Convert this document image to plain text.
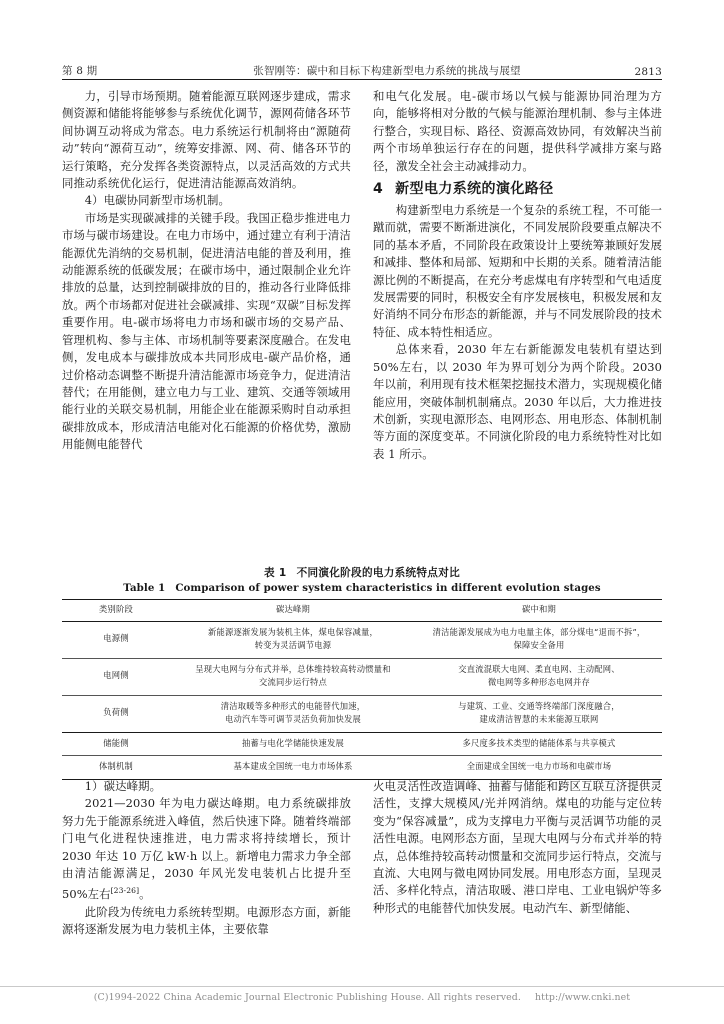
第 8 期	张智刚等：碳中和目标下构建新型电力系统的挑战与展望	2813

力，引导市场预期。随着能源互联网逐步建成，需求侧资源和储能将能够参与系统优化调节，源网荷储各环节间协调互动将成为常态。电力系统运行机制将由“源随荷动”转向“源荷互动”，统筹安排源、网、荷、储各环节的运行策略，充分发挥各类资源特点，以灵活高效的方式共同推动系统优化运行，促进清洁能源高效消纳。

4）电碳协同新型市场机制。

市场是实现碳减排的关键手段。我国正稳步推进电力市场与碳市场建设。在电力市场中，通过建立有利于清洁能源优先消纳的交易机制，促进清洁电能的普及利用，推动能源系统的低碳发展；在碳市场中，通过限制企业允许排放的总量，达到控制碳排放的目的，推动各行业降低排放。两个市场都对促进社会碳减排、实现“双碳”目标发挥重要作用。电-碳市场将电力市场和碳市场的交易产品、管理机构、参与主体、市场机制等要素深度融合。在发电侧，发电成本与碳排放成本共同形成电-碳产品价格，通过价格动态调整不断提升清洁能源市场竞争力，促进清洁替代；在用能侧，建立电力与工业、建筑、交通等领域用能行业的关联交易机制，用能企业在能源采购时自动承担碳排放成本，形成清洁电能对化石能源的价格优势，激励用能侧电能替代

和电气化发展。电-碳市场以气候与能源协同治理为方向，能够将相对分散的气候与能源治理机制、参与主体进行整合，实现目标、路径、资源高效协同，有效解决当前两个市场单独运行存在的问题，提供科学减排方案与路径，激发全社会主动减排动力。

4 新型电力系统的演化路径

构建新型电力系统是一个复杂的系统工程，不可能一蹴而就，需要不断渐进演化，不同发展阶段要重点解决不同的基本矛盾，不同阶段在政策设计上要统筹兼顾好发展和减排、整体和局部、短期和中长期的关系。随着清洁能源比例的不断提高，在充分考虑煤电有序转型和气电适度发展需要的同时，积极安全有序发展核电，积极发展和友好消纳不同分布形态的新能源，并与不同发展阶段的技术特征、成本特性相适应。

总体来看，2030 年左右新能源发电装机有望达到 50%左右，以 2030 年为界可划分为两个阶段。2030 年以前，利用现有技术框架挖掘技术潜力，实现规模化储能应用，突破体制机制痛点。2030 年以后，大力推进技术创新，实现电源形态、电网形态、用电形态、体制机制等方面的深度变革。不同演化阶段的电力系统特性对比如表 1 所示。

表 1 不同演化阶段的电力系统特点对比
Table 1 Comparison of power system characteristics in different evolution stages
类别阶段	碳达峰期	碳中和期
电源侧	新能源逐渐发展为装机主体，煤电保容减量，
转变为灵活调节电源	清洁能源发展成为电力电量主体，部分煤电“退而不拆”，
保障安全备用

电网侧	呈现大电网与分布式并举，总体维持较高转动惯量和
交流同步运行特点	交直流混联大电网、柔直电网、主动配网、
微电网等多种形态电网并存

负荷侧	清洁取暖等多种形式的电能替代加速，
电动汽车等可调节灵活负荷加快发展	与建筑、工业、交通等终端部门深度融合，
建成清洁智慧的未来能源互联网

储能侧	抽蓄与电化学储能快速发展	多尺度多技术类型的储能体系与共享模式
体制机制	基本建成全国统一电力市场体系	全面建成全国统一电力市场和电碳市场

1）碳达峰期。

2021—2030 年为电力碳达峰期。电力系统碳排放努力先于能源系统进入峰值，然后快速下降。随着终端部门电气化进程快速推进，电力需求将持续增长，预计 2030 年达 10 万亿 kW·h 以上。新增电力需求力争全部由清洁能源满足，2030 年风光发电装机占比提升至 50%左右[23-26]。

此阶段为传统电力系统转型期。电源形态方面，新能源将逐渐发展为电力装机主体，主要依靠

火电灵活性改造调峰、抽蓄与储能和跨区互联互济提供灵活性，支撑大规模风/光并网消纳。煤电的功能与定位转变为“保容减量”，成为支撑电力平衡与灵活调节功能的灵活性电源。电网形态方面，呈现大电网与分布式并举的特点，总体维持较高转动惯量和交流同步运行特点，交流与直流、大电网与微电网协同发展。用电形态方面，呈现灵活、多样化特点，清洁取暖、港口岸电、工业电锅炉等多种形式的电能替代加快发展。电动汽车、新型储能、

(C)1994-2022 China Academic Journal Electronic Publishing House. All rights reserved. http://www.cnki.net
